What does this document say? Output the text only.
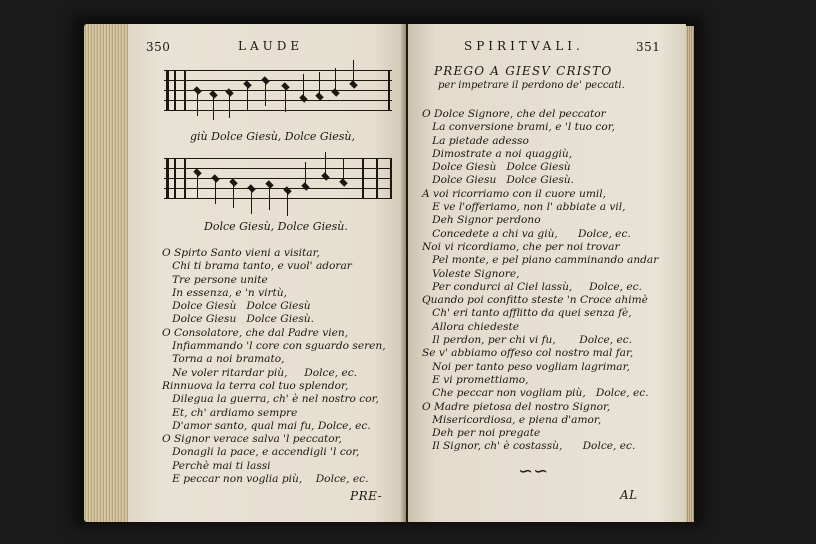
350	LAUDE
giù Dolce Giesù, Dolce Giesù,
Dolce Giesù, Dolce Giesù.
O Spirto Santo vieni a visitar,
Chi ti brama tanto, e vuol' adorar
Tre persone unite
In essenza, e 'n virtù,
Dolce Giesù   Dolce Giesù
Dolce Giesu   Dolce Giesù.
O Consolatore, che dal Padre vien,
Infiammando 'l core con sguardo seren,
Torna a noi bramato,
Ne voler ritardar più,     Dolce, ec.
Rinnuova la terra col tuo splendor,
Dilegua la guerra, ch' è nel nostro cor,
Et, ch' ardiamo sempre
D'amor santo, qual mai fu, Dolce, ec.
O Signor verace salva 'l peccator,
Donagli la pace, e accendigli 'l cor,
Perchè mai ti lassi
E peccar non voglia più,    Dolce, ec.
PRE-
SPIRITVALI.	351
PREGO A GIESV CRISTO
per impetrare il perdono de' peccati.
O Dolce Signore, che del peccator
La conversione brami, e 'l tuo cor,
La pietade adesso
Dimostrate a noi quaggiù,
Dolce Giesù   Dolce Giesù
Dolce Giesu   Dolce Giesù.
A voi ricorriamo con il cuore umil,
E ve l'offeriamo, non l' abbiate a vil,
Deh Signor perdono
Concedete a chi va giù,      Dolce, ec.
Noi vi ricordiamo, che per noi trovar
Pel monte, e pel piano camminando andar
Voleste Signore,
Per condurci al Ciel lassù,     Dolce, ec.
Quando poi confitto steste 'n Croce ahimè
Ch' eri tanto afflitto da quei senza fè,
Allora chiedeste
Il perdon, per chi vi fu,       Dolce, ec.
Se v' abbiamo offeso col nostro mal far,
Noi per tanto peso vogliam lagrimar,
E vi promettiamo,
Che peccar non vogliam più,   Dolce, ec.
O Madre pietosa del nostro Signor,
Misericordiosa, e piena d'amor,
Deh per noi pregate
Il Signor, ch' è costassù,      Dolce, ec.
∽∽
AL
